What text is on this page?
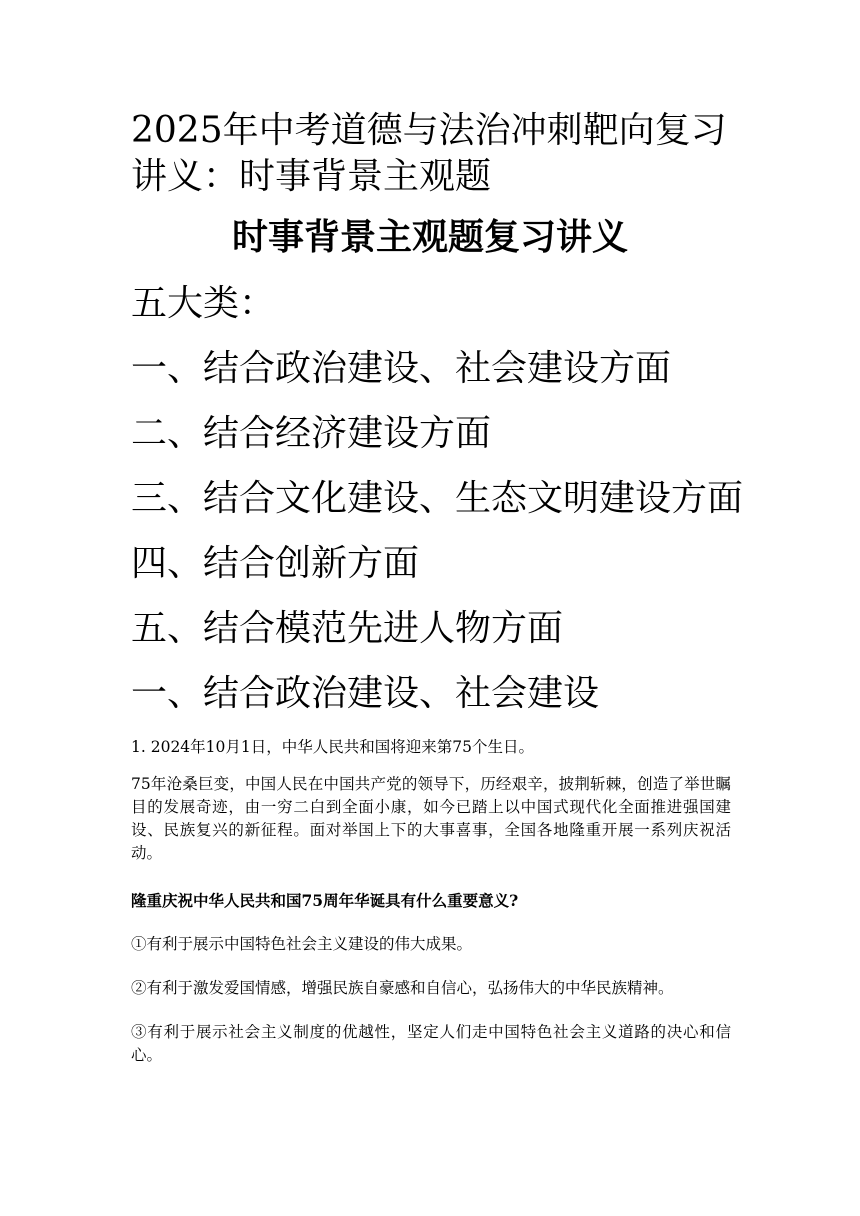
2025年中考道德与法治冲刺靶向复习讲义：时事背景主观题
时事背景主观题复习讲义

五大类：

一、结合政治建设、社会建设方面

二、结合经济建设方面

三、结合文化建设、生态文明建设方面

四、结合创新方面

五、结合模范先进人物方面

一、结合政治建设、社会建设

1. 2024年10月1日，中华人民共和国将迎来第75个生日。

75年沧桑巨变，中国人民在中国共产党的领导下，历经艰辛，披荆斩棘，创造了举世瞩目的发展奇迹，由一穷二白到全面小康，如今已踏上以中国式现代化全面推进强国建设、民族复兴的新征程。面对举国上下的大事喜事，全国各地隆重开展一系列庆祝活动。

隆重庆祝中华人民共和国75周年华诞具有什么重要意义?

①有利于展示中国特色社会主义建设的伟大成果。

②有利于激发爱国情感，增强民族自豪感和自信心，弘扬伟大的中华民族精神。

③有利于展示社会主义制度的优越性，坚定人们走中国特色社会主义道路的决心和信心。
